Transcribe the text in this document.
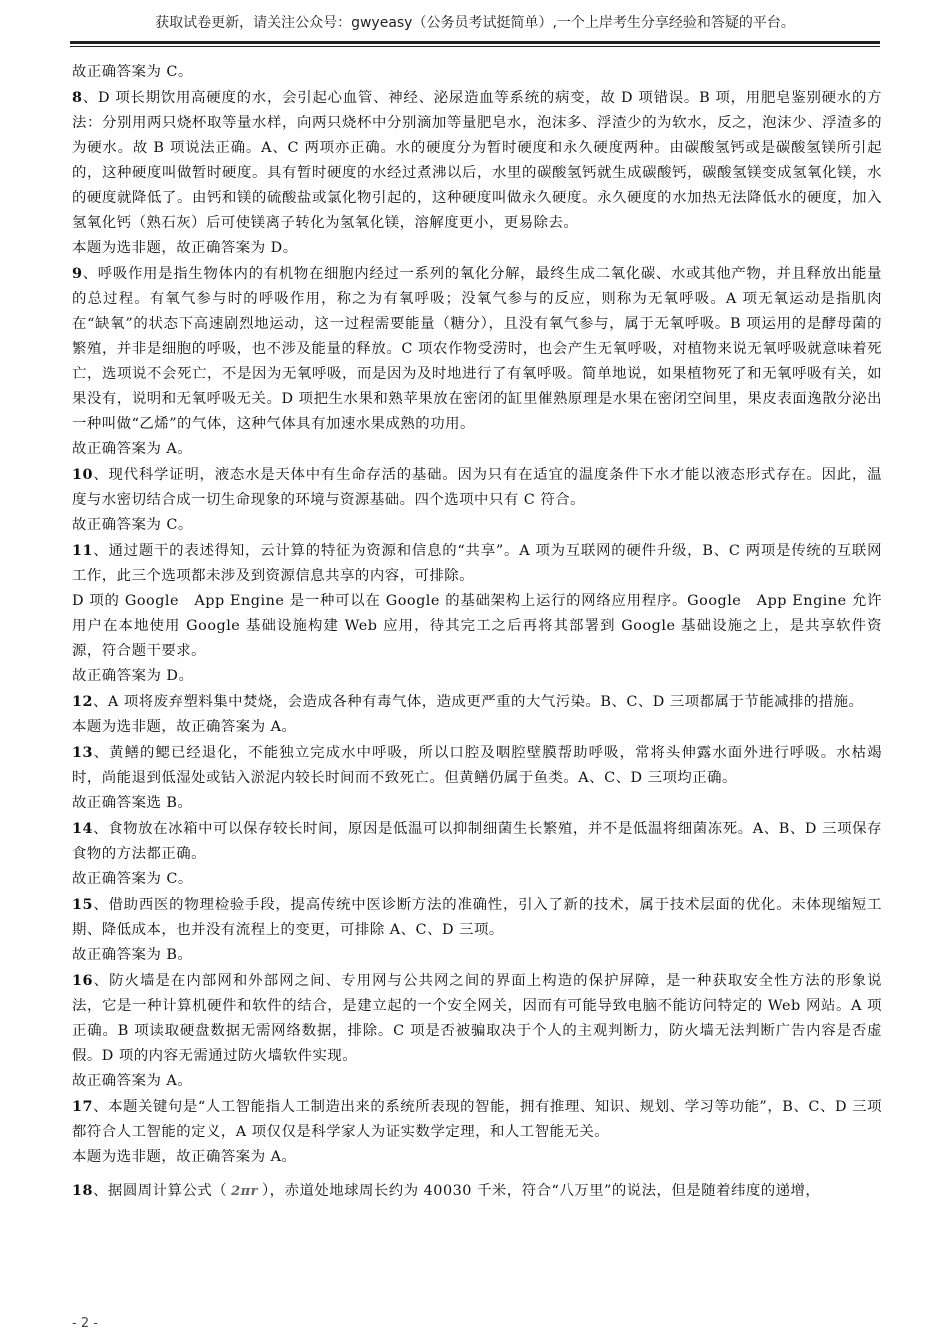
获取试卷更新，请关注公众号：gwyeasy（公务员考试挺简单）,一个上岸考生分享经验和答疑的平台。

故正确答案为 C。

8、D 项长期饮用高硬度的水，会引起心血管、神经、泌尿造血等系统的病变，故 D 项错误。B 项，用肥皂鉴别硬水的方法：分别用两只烧杯取等量水样，向两只烧杯中分别滴加等量肥皂水，泡沫多、浮渣少的为软水，反之，泡沫少、浮渣多的为硬水。故 B 项说法正确。A、C 两项亦正确。水的硬度分为暂时硬度和永久硬度两种。由碳酸氢钙或是碳酸氢镁所引起的，这种硬度叫做暂时硬度。具有暂时硬度的水经过煮沸以后，水里的碳酸氢钙就生成碳酸钙，碳酸氢镁变成氢氧化镁，水的硬度就降低了。由钙和镁的硫酸盐或氯化物引起的，这种硬度叫做永久硬度。永久硬度的水加热无法降低水的硬度，加入氢氧化钙（熟石灰）后可使镁离子转化为氢氧化镁，溶解度更小，更易除去。

本题为选非题，故正确答案为 D。

9、呼吸作用是指生物体内的有机物在细胞内经过一系列的氧化分解，最终生成二氧化碳、水或其他产物，并且释放出能量的总过程。有氧气参与时的呼吸作用，称之为有氧呼吸；没氧气参与的反应，则称为无氧呼吸。A 项无氧运动是指肌肉在“缺氧”的状态下高速剧烈地运动，这一过程需要能量（糖分），且没有氧气参与，属于无氧呼吸。B 项运用的是酵母菌的繁殖，并非是细胞的呼吸，也不涉及能量的释放。C 项农作物受涝时，也会产生无氧呼吸，对植物来说无氧呼吸就意味着死亡，选项说不会死亡，不是因为无氧呼吸，而是因为及时地进行了有氧呼吸。简单地说，如果植物死了和无氧呼吸有关，如果没有，说明和无氧呼吸无关。D 项把生水果和熟苹果放在密闭的缸里催熟原理是水果在密闭空间里，果皮表面逸散分泌出一种叫做“乙烯”的气体，这种气体具有加速水果成熟的功用。

故正确答案为 A。

10、现代科学证明，液态水是天体中有生命存活的基础。因为只有在适宜的温度条件下水才能以液态形式存在。因此，温度与水密切结合成一切生命现象的环境与资源基础。四个选项中只有 C 符合。

故正确答案为 C。

11、通过题干的表述得知，云计算的特征为资源和信息的“共享”。A 项为互联网的硬件升级，B、C 两项是传统的互联网工作，此三个选项都未涉及到资源信息共享的内容，可排除。

D 项的 Google　App Engine 是一种可以在 Google 的基础架构上运行的网络应用程序。Google　App Engine 允许用户在本地使用 Google 基础设施构建 Web 应用，待其完工之后再将其部署到 Google 基础设施之上，是共享软件资源，符合题干要求。

故正确答案为 D。

12、A 项将废弃塑料集中焚烧，会造成各种有毒气体，造成更严重的大气污染。B、C、D 三项都属于节能减排的措施。

本题为选非题，故正确答案为 A。

13、黄鳝的鳃已经退化，不能独立完成水中呼吸，所以口腔及咽腔壁膜帮助呼吸，常将头伸露水面外进行呼吸。水枯竭时，尚能退到低湿处或钻入淤泥内较长时间而不致死亡。但黄鳝仍属于鱼类。A、C、D 三项均正确。

故正确答案选 B。

14、食物放在冰箱中可以保存较长时间，原因是低温可以抑制细菌生长繁殖，并不是低温将细菌冻死。A、B、D 三项保存食物的方法都正确。

故正确答案为 C。

15、借助西医的物理检验手段，提高传统中医诊断方法的准确性，引入了新的技术，属于技术层面的优化。未体现缩短工期、降低成本，也并没有流程上的变更，可排除 A、C、D 三项。

故正确答案为 B。

16、防火墙是在内部网和外部网之间、专用网与公共网之间的界面上构造的保护屏障，是一种获取安全性方法的形象说法，它是一种计算机硬件和软件的结合，是建立起的一个安全网关，因而有可能导致电脑不能访问特定的 Web 网站。A 项正确。B 项读取硬盘数据无需网络数据，排除。C 项是否被骗取决于个人的主观判断力，防火墙无法判断广告内容是否虚假。D 项的内容无需通过防火墙软件实现。

故正确答案为 A。

17、本题关键句是“人工智能指人工制造出来的系统所表现的智能，拥有推理、知识、规划、学习等功能”，B、C、D 三项都符合人工智能的定义，A 项仅仅是科学家人为证实数学定理，和人工智能无关。

本题为选非题，故正确答案为 A。

18、据圆周计算公式（ 2πr ），赤道处地球周长约为 40030 千米，符合“八万里”的说法，但是随着纬度的递增，

- 2 -
